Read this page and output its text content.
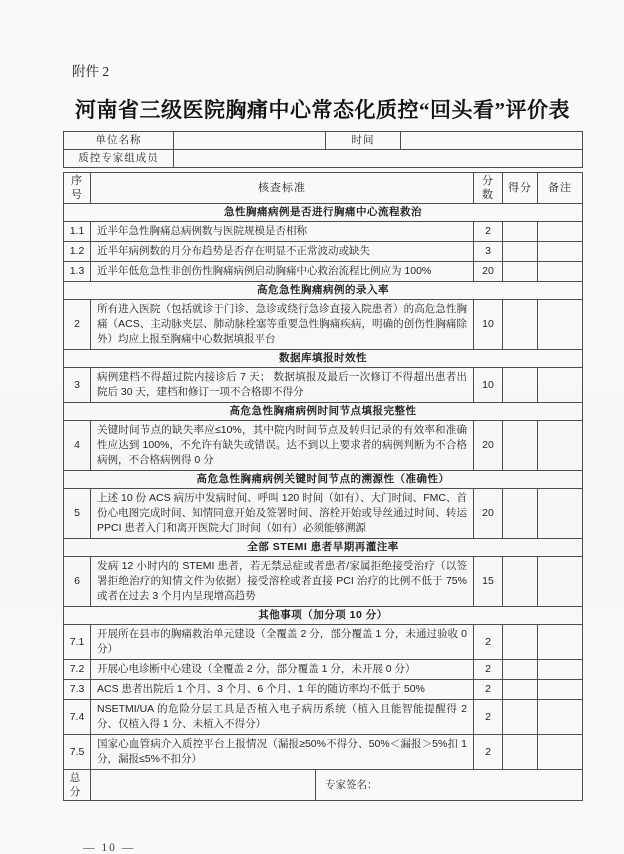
附件 2
河南省三级医院胸痛中心常态化质控“回头看”评价表
单位名称		时间	
质控专家组成员			
序号	核查标准		分数	得分	备注
急性胸痛病例是否进行胸痛中心流程救治					
1.1	近半年急性胸痛总病例数与医院规模是否相称		2		
1.2	近半年病例数的月分布趋势是否存在明显不正常波动或缺失		3		
1.3	近半年低危急性非创伤性胸痛病例启动胸痛中心救治流程比例应为 100%		20		
高危急性胸痛病例的录入率					
2	所有进入医院（包括就诊于门诊、急诊或绕行急诊直接入院患者）的高危急性胸痛（ACS、主动脉夹层、肺动脉栓塞等重要急性胸痛疾病，明确的创伤性胸痛除外）均应上报至胸痛中心数据填报平台		10		
数据库填报时效性					
3	病例建档不得超过院内接诊后 7 天； 数据填报及最后一次修订不得超出患者出院后 30 天，建档和修订一项不合格即不得分		10		
高危急性胸痛病例时间节点填报完整性					
4	关键时间节点的缺失率应≤10%，其中院内时间节点及转归记录的有效率和准确性应达到 100%，不允许有缺失或错误。达不到以上要求者的病例判断为不合格病例，不合格病例得 0 分		20		
高危急性胸痛病例关键时间节点的溯源性（准确性）					
5	上述 10 份 ACS 病历中发病时间、呼叫 120 时间（如有）、大门时间、FMC、首份心电图完成时间、知情同意开始及签署时间、溶栓开始或导丝通过时间、转运 PPCI 患者入门和离开医院大门时间（如有）必须能够溯源		20		
全部 STEMI 患者早期再灌注率					
6	发病 12 小时内的 STEMI 患者，若无禁忌症或者患者/家属拒绝接受治疗（以签署拒绝治疗的知情文件为依据）接受溶栓或者直接 PCI 治疗的比例不低于 75%或者在过去 3 个月内呈现增高趋势		15		
其他事项（加分项 10 分）					
7.1	开展所在县市的胸痛救治单元建设（全覆盖 2 分，部分覆盖 1 分，未通过验收 0 分）		2		
7.2	开展心电诊断中心建设（全覆盖 2 分，部分覆盖 1 分，未开展 0 分）		2		
7.3	ACS 患者出院后 1 个月、3 个月、6 个月、1 年的随访率均不低于 50%		2		
7.4	NSETMI/UA 的危险分层工具是否植入电子病历系统（植入且能智能提醒得 2 分、仅植入得 1 分、未植入不得分）		2		
7.5	国家心血管病介入质控平台上报情况（漏报≥50%不得分、50%＜漏报＞5%扣 1 分，漏报≤5%不扣分）		2		
总分		专家签名：			
— 10 —
